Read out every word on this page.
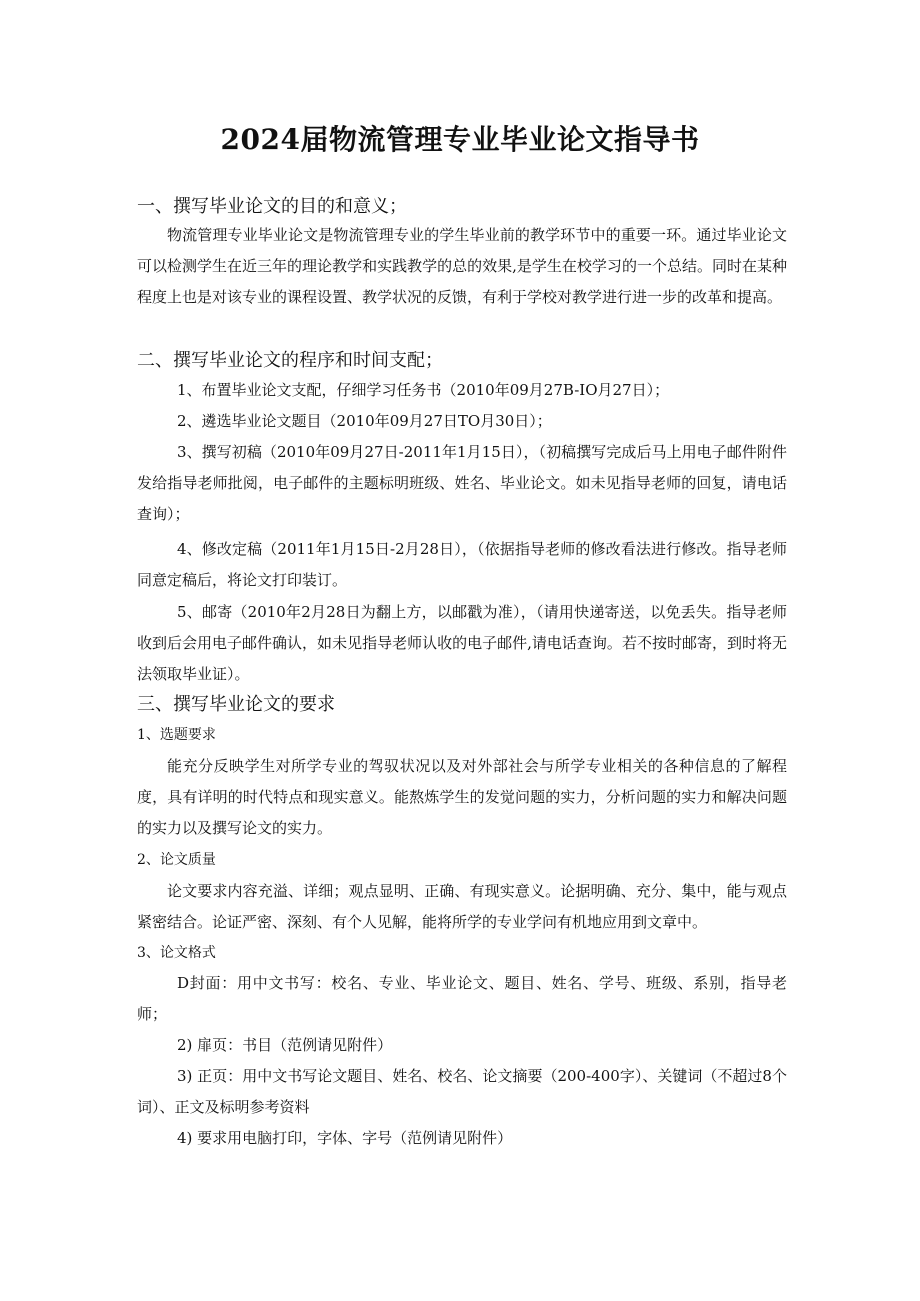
2024届物流管理专业毕业论文指导书
一、撰写毕业论文的目的和意义；
物流管理专业毕业论文是物流管理专业的学生毕业前的教学环节中的重要一环。通过毕业论文可以检测学生在近三年的理论教学和实践教学的总的效果,是学生在校学习的一个总结。同时在某种程度上也是对该专业的课程设置、教学状况的反馈，有利于学校对教学进行进一步的改革和提高。
二、撰写毕业论文的程序和时间支配；
1、布置毕业论文支配，仔细学习任务书（2010年09月27B-IO月27日）；
2、遴选毕业论文题目（2010年09月27日TO月30日）；
3、撰写初稿（2010年09月27日-2011年1月15日），（初稿撰写完成后马上用电子邮件附件发给指导老师批阅，电子邮件的主题标明班级、姓名、毕业论文。如未见指导老师的回复，请电话查询）；
4、修改定稿（2011年1月15日-2月28日），（依据指导老师的修改看法进行修改。指导老师同意定稿后，将论文打印装订。
5、邮寄（2010年2月28日为翻上方，以邮戳为准），（请用快递寄送，以免丢失。指导老师收到后会用电子邮件确认，如未见指导老师认收的电子邮件,请电话查询。若不按时邮寄，到时将无法领取毕业证）。
三、撰写毕业论文的要求
1、选题要求
能充分反映学生对所学专业的驾驭状况以及对外部社会与所学专业相关的各种信息的了解程度，具有详明的时代特点和现实意义。能熬炼学生的发觉问题的实力，分析问题的实力和解决问题的实力以及撰写论文的实力。
2、论文质量
论文要求内容充溢、详细；观点显明、正确、有现实意义。论据明确、充分、集中，能与观点紧密结合。论证严密、深刻、有个人见解，能将所学的专业学问有机地应用到文章中。
3、论文格式
D封面：用中文书写：校名、专业、毕业论文、题目、姓名、学号、班级、系别，指导老师；
2) 扉页：书目（范例请见附件）
3) 正页：用中文书写论文题目、姓名、校名、论文摘要（200-400字）、关键词（不超过8个词）、正文及标明参考资料
4) 要求用电脑打印，字体、字号（范例请见附件）
